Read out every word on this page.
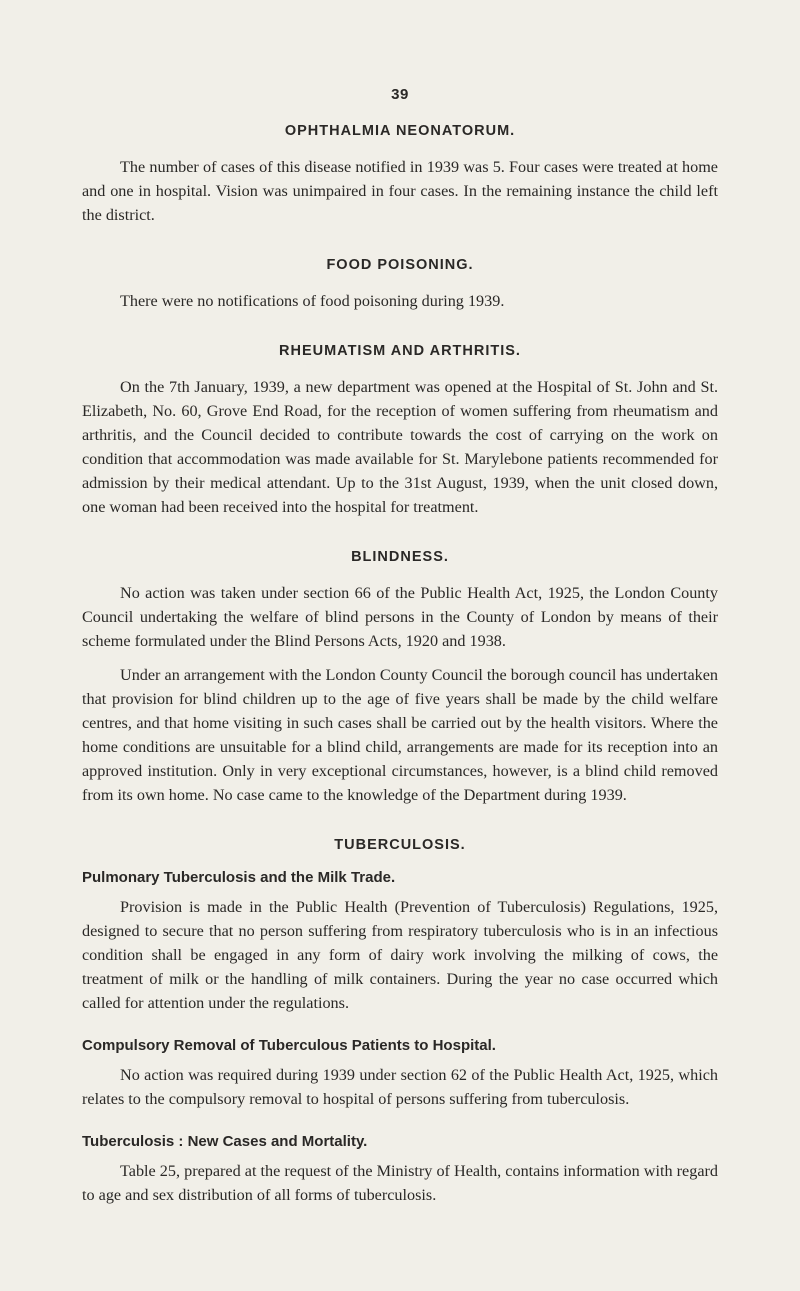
39
OPHTHALMIA NEONATORUM.

The number of cases of this disease notified in 1939 was 5. Four cases were treated at home and one in hospital. Vision was unimpaired in four cases. In the remaining instance the child left the district.

FOOD POISONING.

There were no notifications of food poisoning during 1939.

RHEUMATISM AND ARTHRITIS.

On the 7th January, 1939, a new department was opened at the Hospital of St. John and St. Elizabeth, No. 60, Grove End Road, for the reception of women suffering from rheumatism and arthritis, and the Council decided to contribute towards the cost of carrying on the work on condition that accommodation was made available for St. Marylebone patients recommended for admission by their medical attendant. Up to the 31st August, 1939, when the unit closed down, one woman had been received into the hospital for treatment.

BLINDNESS.

No action was taken under section 66 of the Public Health Act, 1925, the London County Council undertaking the welfare of blind persons in the County of London by means of their scheme formulated under the Blind Persons Acts, 1920 and 1938.

Under an arrangement with the London County Council the borough council has undertaken that provision for blind children up to the age of five years shall be made by the child welfare centres, and that home visiting in such cases shall be carried out by the health visitors. Where the home conditions are unsuitable for a blind child, arrangements are made for its reception into an approved institution. Only in very exceptional circumstances, however, is a blind child removed from its own home. No case came to the knowledge of the Department during 1939.

TUBERCULOSIS.
Pulmonary Tuberculosis and the Milk Trade.

Provision is made in the Public Health (Prevention of Tuberculosis) Regulations, 1925, designed to secure that no person suffering from respiratory tuberculosis who is in an infectious condition shall be engaged in any form of dairy work involving the milking of cows, the treatment of milk or the handling of milk containers. During the year no case occurred which called for attention under the regulations.

Compulsory Removal of Tuberculous Patients to Hospital.

No action was required during 1939 under section 62 of the Public Health Act, 1925, which relates to the compulsory removal to hospital of persons suffering from tuberculosis.

Tuberculosis : New Cases and Mortality.

Table 25, prepared at the request of the Ministry of Health, contains information with regard to age and sex distribution of all forms of tuberculosis.
